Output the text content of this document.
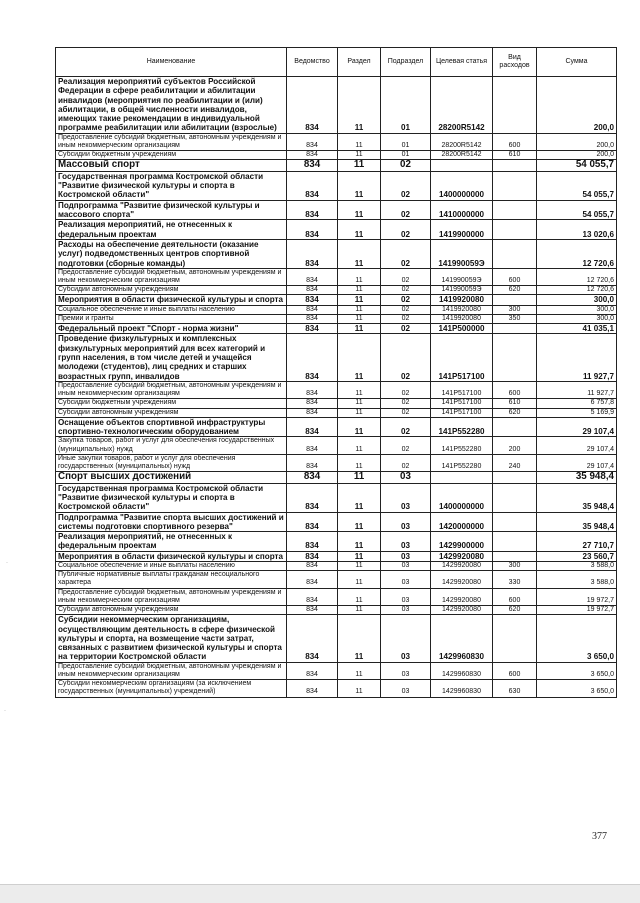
Наименование	Ведомство	Раздел	Подраздел	Целевая статья	Вид расходов	Сумма
Реализация мероприятий субъектов Российской Федерации в сфере реабилитации и абилитации инвалидов (мероприятия по реабилитации и (или) абилитации, в общей численности инвалидов, имеющих такие рекомендации в индивидуальной программе реабилитации или абилитации (взрослые)	834	11	01	28200R5142		200,0
Предоставление субсидий бюджетным, автономным учреждениям и иным некоммерческим организациям	834	11	01	28200R5142	600	200,0
Субсидии бюджетным учреждениям	834	11	01	28200R5142	610	200,0
Массовый спорт	834	11	02			54 055,7
Государственная программа Костромской области "Развитие физической культуры и спорта в Костромской области"	834	11	02	1400000000		54 055,7
Подпрограмма "Развитие физической культуры и массового спорта"	834	11	02	1410000000		54 055,7
Реализация мероприятий, не отнесенных к федеральным проектам	834	11	02	1419900000		13 020,6
Расходы на обеспечение деятельности (оказание услуг) подведомственных центров спортивной подготовки (сборные команды)	834	11	02	141990059Э		12 720,6
Предоставление субсидий бюджетным, автономным учреждениям и иным некоммерческим организациям	834	11	02	141990059Э	600	12 720,6
Субсидии автономным учреждениям	834	11	02	141990059Э	620	12 720,6
Мероприятия в области физической культуры и спорта	834	11	02	1419920080		300,0
Социальное обеспечение и иные выплаты населению	834	11	02	1419920080	300	300,0
Премии и гранты	834	11	02	1419920080	350	300,0
Федеральный проект "Спорт - норма жизни"	834	11	02	141P500000		41 035,1
Проведение физкультурных и комплексных физкультурных мероприятий для всех категорий и групп населения, в том числе детей и учащейся молодежи (студентов), лиц средних и старших возрастных групп, инвалидов	834	11	02	141P517100		11 927,7
Предоставление субсидий бюджетным, автономным учреждениям и иным некоммерческим организациям	834	11	02	141P517100	600	11 927,7
Субсидии бюджетным учреждениям	834	11	02	141P517100	610	6 757,8
Субсидии автономным учреждениям	834	11	02	141P517100	620	5 169,9
Оснащение объектов спортивной инфраструктуры спортивно-технологическим оборудованием	834	11	02	141P552280		29 107,4
Закупка товаров, работ и услуг для обеспечения государственных (муниципальных) нужд	834	11	02	141P552280	200	29 107,4
Иные закупки товаров, работ и услуг для обеспечения государственных (муниципальных) нужд	834	11	02	141P552280	240	29 107,4
Спорт высших достижений	834	11	03			35 948,4
Государственная программа Костромской области "Развитие физической культуры и спорта в Костромской области"	834	11	03	1400000000		35 948,4
Подпрограмма "Развитие спорта высших достижений и системы подготовки спортивного резерва"	834	11	03	1420000000		35 948,4
Реализация мероприятий, не отнесенных к федеральным проектам	834	11	03	1429900000		27 710,7
Мероприятия в области физической культуры и спорта	834	11	03	1429920080		23 560,7
Социальное обеспечение и иные выплаты населению	834	11	03	1429920080	300	3 588,0
Публичные нормативные выплаты гражданам несоциального характера	834	11	03	1429920080	330	3 588,0
Предоставление субсидий бюджетным, автономным учреждениям и иным некоммерческим организациям	834	11	03	1429920080	600	19 972,7
Субсидии автономным учреждениям	834	11	03	1429920080	620	19 972,7
Субсидии некоммерческим организациям, осуществляющим деятельность в сфере физической культуры и спорта, на возмещение части затрат, связанных с развитием физической культуры и спорта на территории Костромской области	834	11	03	1429960830		3 650,0
Предоставление субсидий бюджетным, автономным учреждениям и иным некоммерческим организациям	834	11	03	1429960830	600	3 650,0
Субсидии некоммерческим организациям (за исключением государственных (муниципальных) учреждений)	834	11	03	1429960830	630	3 650,0
·
·
377
